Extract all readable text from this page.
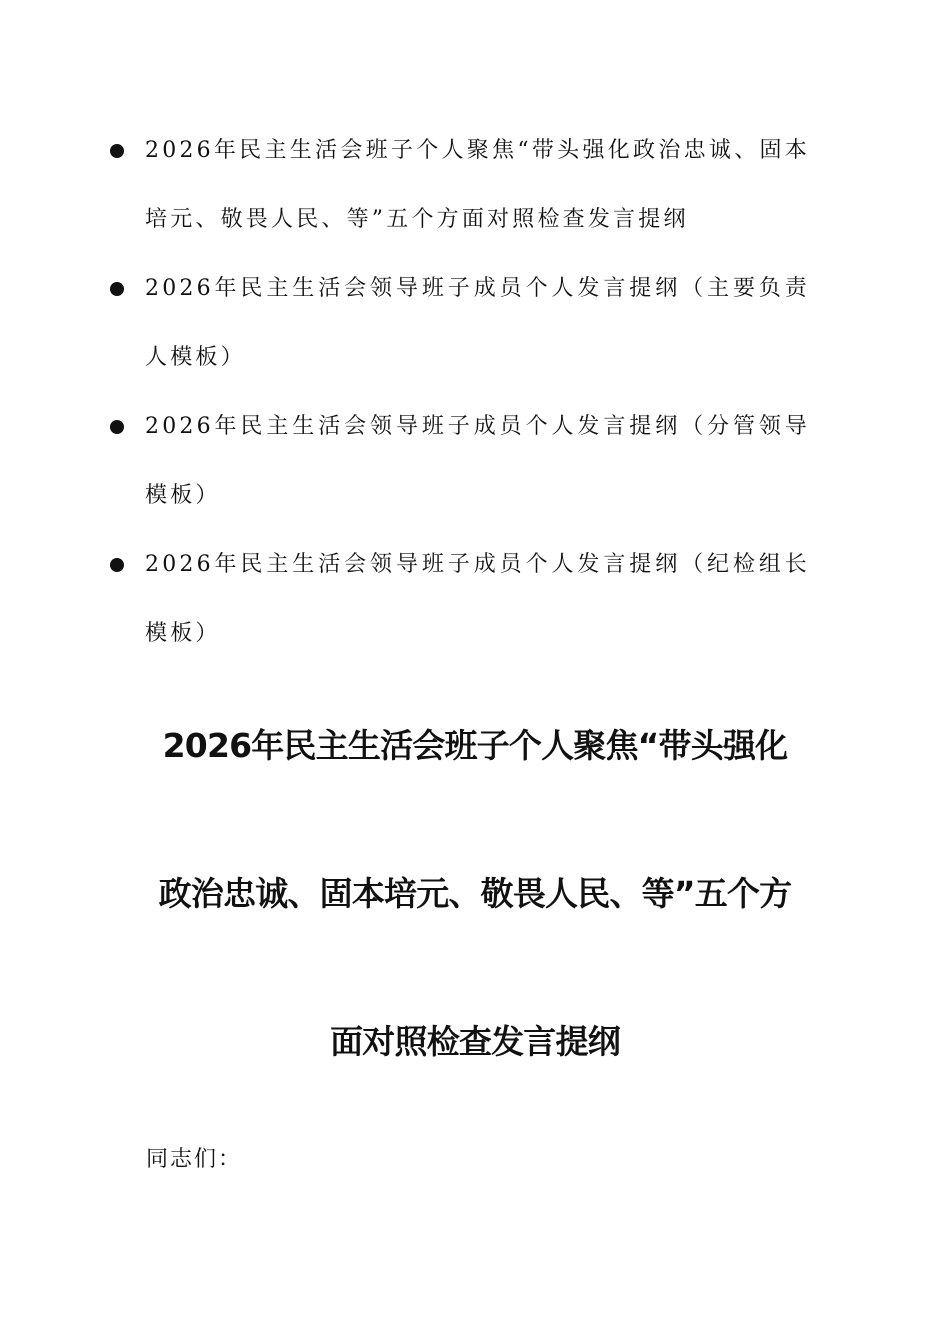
2026年民主生活会班子个人聚焦“带头强化政治忠诚、固本培元、敬畏人民、等”五个方面对照检查发言提纲
2026年民主生活会领导班子成员个人发言提纲（主要负责人模板）
2026年民主生活会领导班子成员个人发言提纲（分管领导模板）
2026年民主生活会领导班子成员个人发言提纲（纪检组长模板）
2026年民主生活会班子个人聚焦“带头强化政治忠诚、固本培元、敬畏人民、等”五个方面对照检查发言提纲

同志们：
